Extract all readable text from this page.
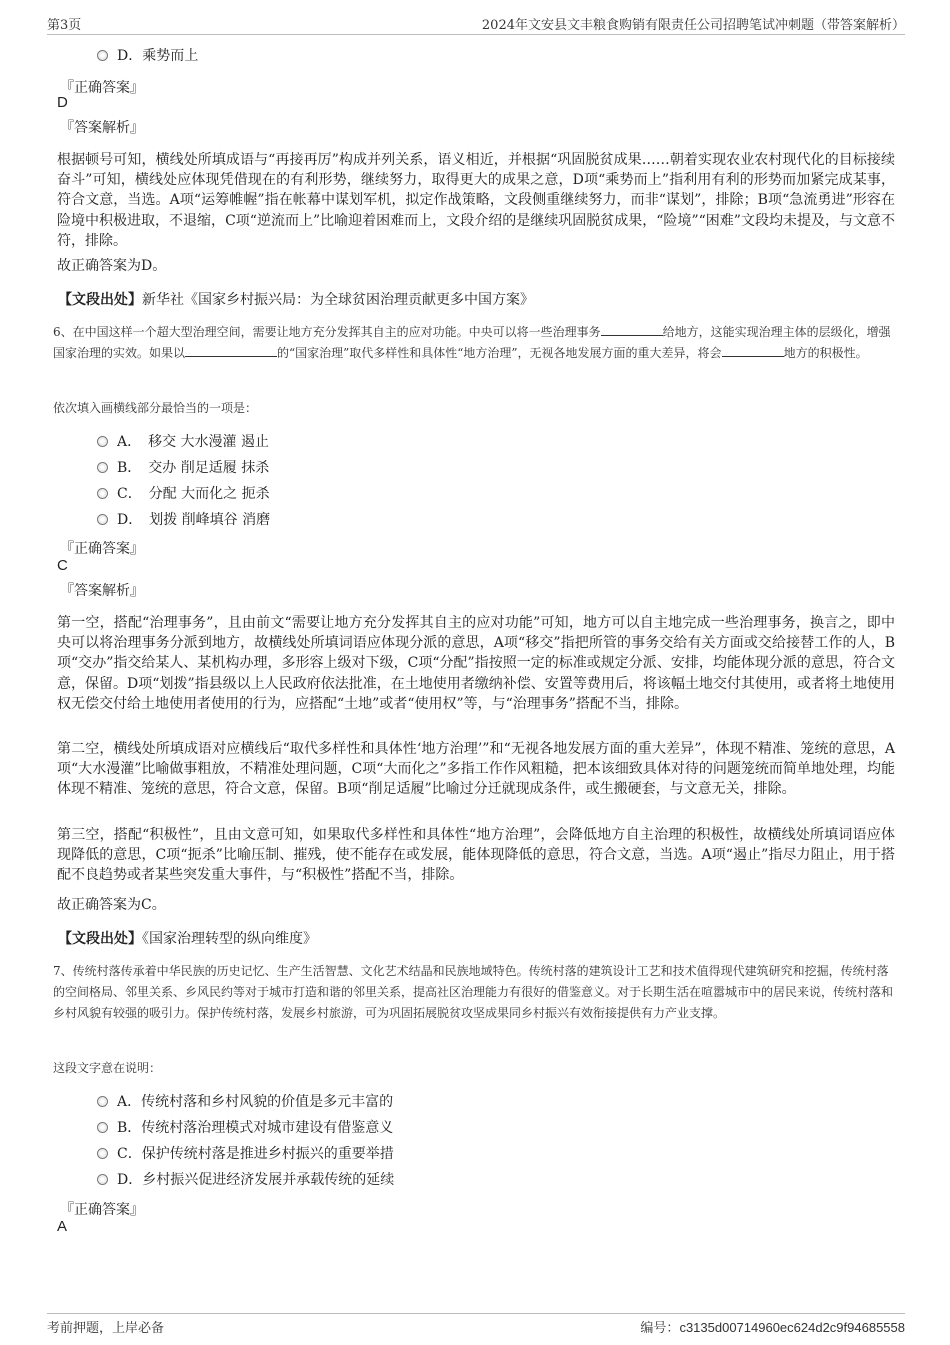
第3页	2024年文安县文丰粮食购销有限责任公司招聘笔试冲刺题（带答案解析）
D．乘势而上
『正确答案』
D
『答案解析』

根据顿号可知，横线处所填成语与“再接再厉”构成并列关系，语义相近，并根据“巩固脱贫成果……朝着实现农业农村现代化的目标接续奋斗”可知，横线处应体现凭借现在的有利形势，继续努力，取得更大的成果之意，D项“乘势而上”指利用有利的形势而加紧完成某事，符合文意，当选。A项“运筹帷幄”指在帐幕中谋划军机，拟定作战策略，文段侧重继续努力，而非“谋划”，排除；B项“急流勇进”形容在险境中积极进取，不退缩，C项“逆流而上”比喻迎着困难而上，文段介绍的是继续巩固脱贫成果，“险境”“困难”文段均未提及，与文意不符，排除。

故正确答案为D。

【文段出处】新华社《国家乡村振兴局：为全球贫困治理贡献更多中国方案》

6、在中国这样一个超大型治理空间，需要让地方充分发挥其自主的应对功能。中央可以将一些治理事务	给地方，这能实现治理主体的层级化，增强国家治理的实效。如果以	的“国家治理”取代多样性和具体性“地方治理”，无视各地发展方面的重大差异，将会	地方的积极性。

依次填入画横线部分最恰当的一项是：
A．　移交 大水漫灌 遏止
B．　交办 削足适履 抹杀
C．　分配 大而化之 扼杀
D．　划拨 削峰填谷 消磨
『正确答案』
C
『答案解析』

第一空，搭配“治理事务”，且由前文“需要让地方充分发挥其自主的应对功能”可知，地方可以自主地完成一些治理事务，换言之，即中央可以将治理事务分派到地方，故横线处所填词语应体现分派的意思，A项“移交”指把所管的事务交给有关方面或交给接替工作的人，B项“交办”指交给某人、某机构办理，多形容上级对下级，C项“分配”指按照一定的标准或规定分派、安排，均能体现分派的意思，符合文意，保留。D项“划拨”指县级以上人民政府依法批准，在土地使用者缴纳补偿、安置等费用后，将该幅土地交付其使用，或者将土地使用权无偿交付给土地使用者使用的行为，应搭配“土地”或者“使用权”等，与“治理事务”搭配不当，排除。

第二空，横线处所填成语对应横线后“取代多样性和具体性‘地方治理’”和“无视各地发展方面的重大差异”，体现不精准、笼统的意思，A项“大水漫灌”比喻做事粗放，不精准处理问题，C项“大而化之”多指工作作风粗糙，把本该细致具体对待的问题笼统而简单地处理，均能体现不精准、笼统的意思，符合文意，保留。B项“削足适履”比喻过分迁就现成条件，或生搬硬套，与文意无关，排除。

第三空，搭配“积极性”，且由文意可知，如果取代多样性和具体性“地方治理”，会降低地方自主治理的积极性，故横线处所填词语应体现降低的意思，C项“扼杀”比喻压制、摧残，使不能存在或发展，能体现降低的意思，符合文意，当选。A项“遏止”指尽力阻止，用于搭配不良趋势或者某些突发重大事件，与“积极性”搭配不当，排除。

故正确答案为C。

【文段出处】《国家治理转型的纵向维度》

7、传统村落传承着中华民族的历史记忆、生产生活智慧、文化艺术结晶和民族地域特色。传统村落的建筑设计工艺和技术值得现代建筑研究和挖掘，传统村落的空间格局、邻里关系、乡风民约等对于城市打造和谐的邻里关系，提高社区治理能力有很好的借鉴意义。对于长期生活在喧嚣城市中的居民来说，传统村落和乡村风貌有较强的吸引力。保护传统村落，发展乡村旅游，可为巩固拓展脱贫攻坚成果同乡村振兴有效衔接提供有力产业支撑。

这段文字意在说明：
A．传统村落和乡村风貌的价值是多元丰富的
B．传统村落治理模式对城市建设有借鉴意义
C．保护传统村落是推进乡村振兴的重要举措
D．乡村振兴促进经济发展并承载传统的延续
『正确答案』
A
考前押题，上岸必备	编号：c3135d00714960ec624d2c9f94685558
